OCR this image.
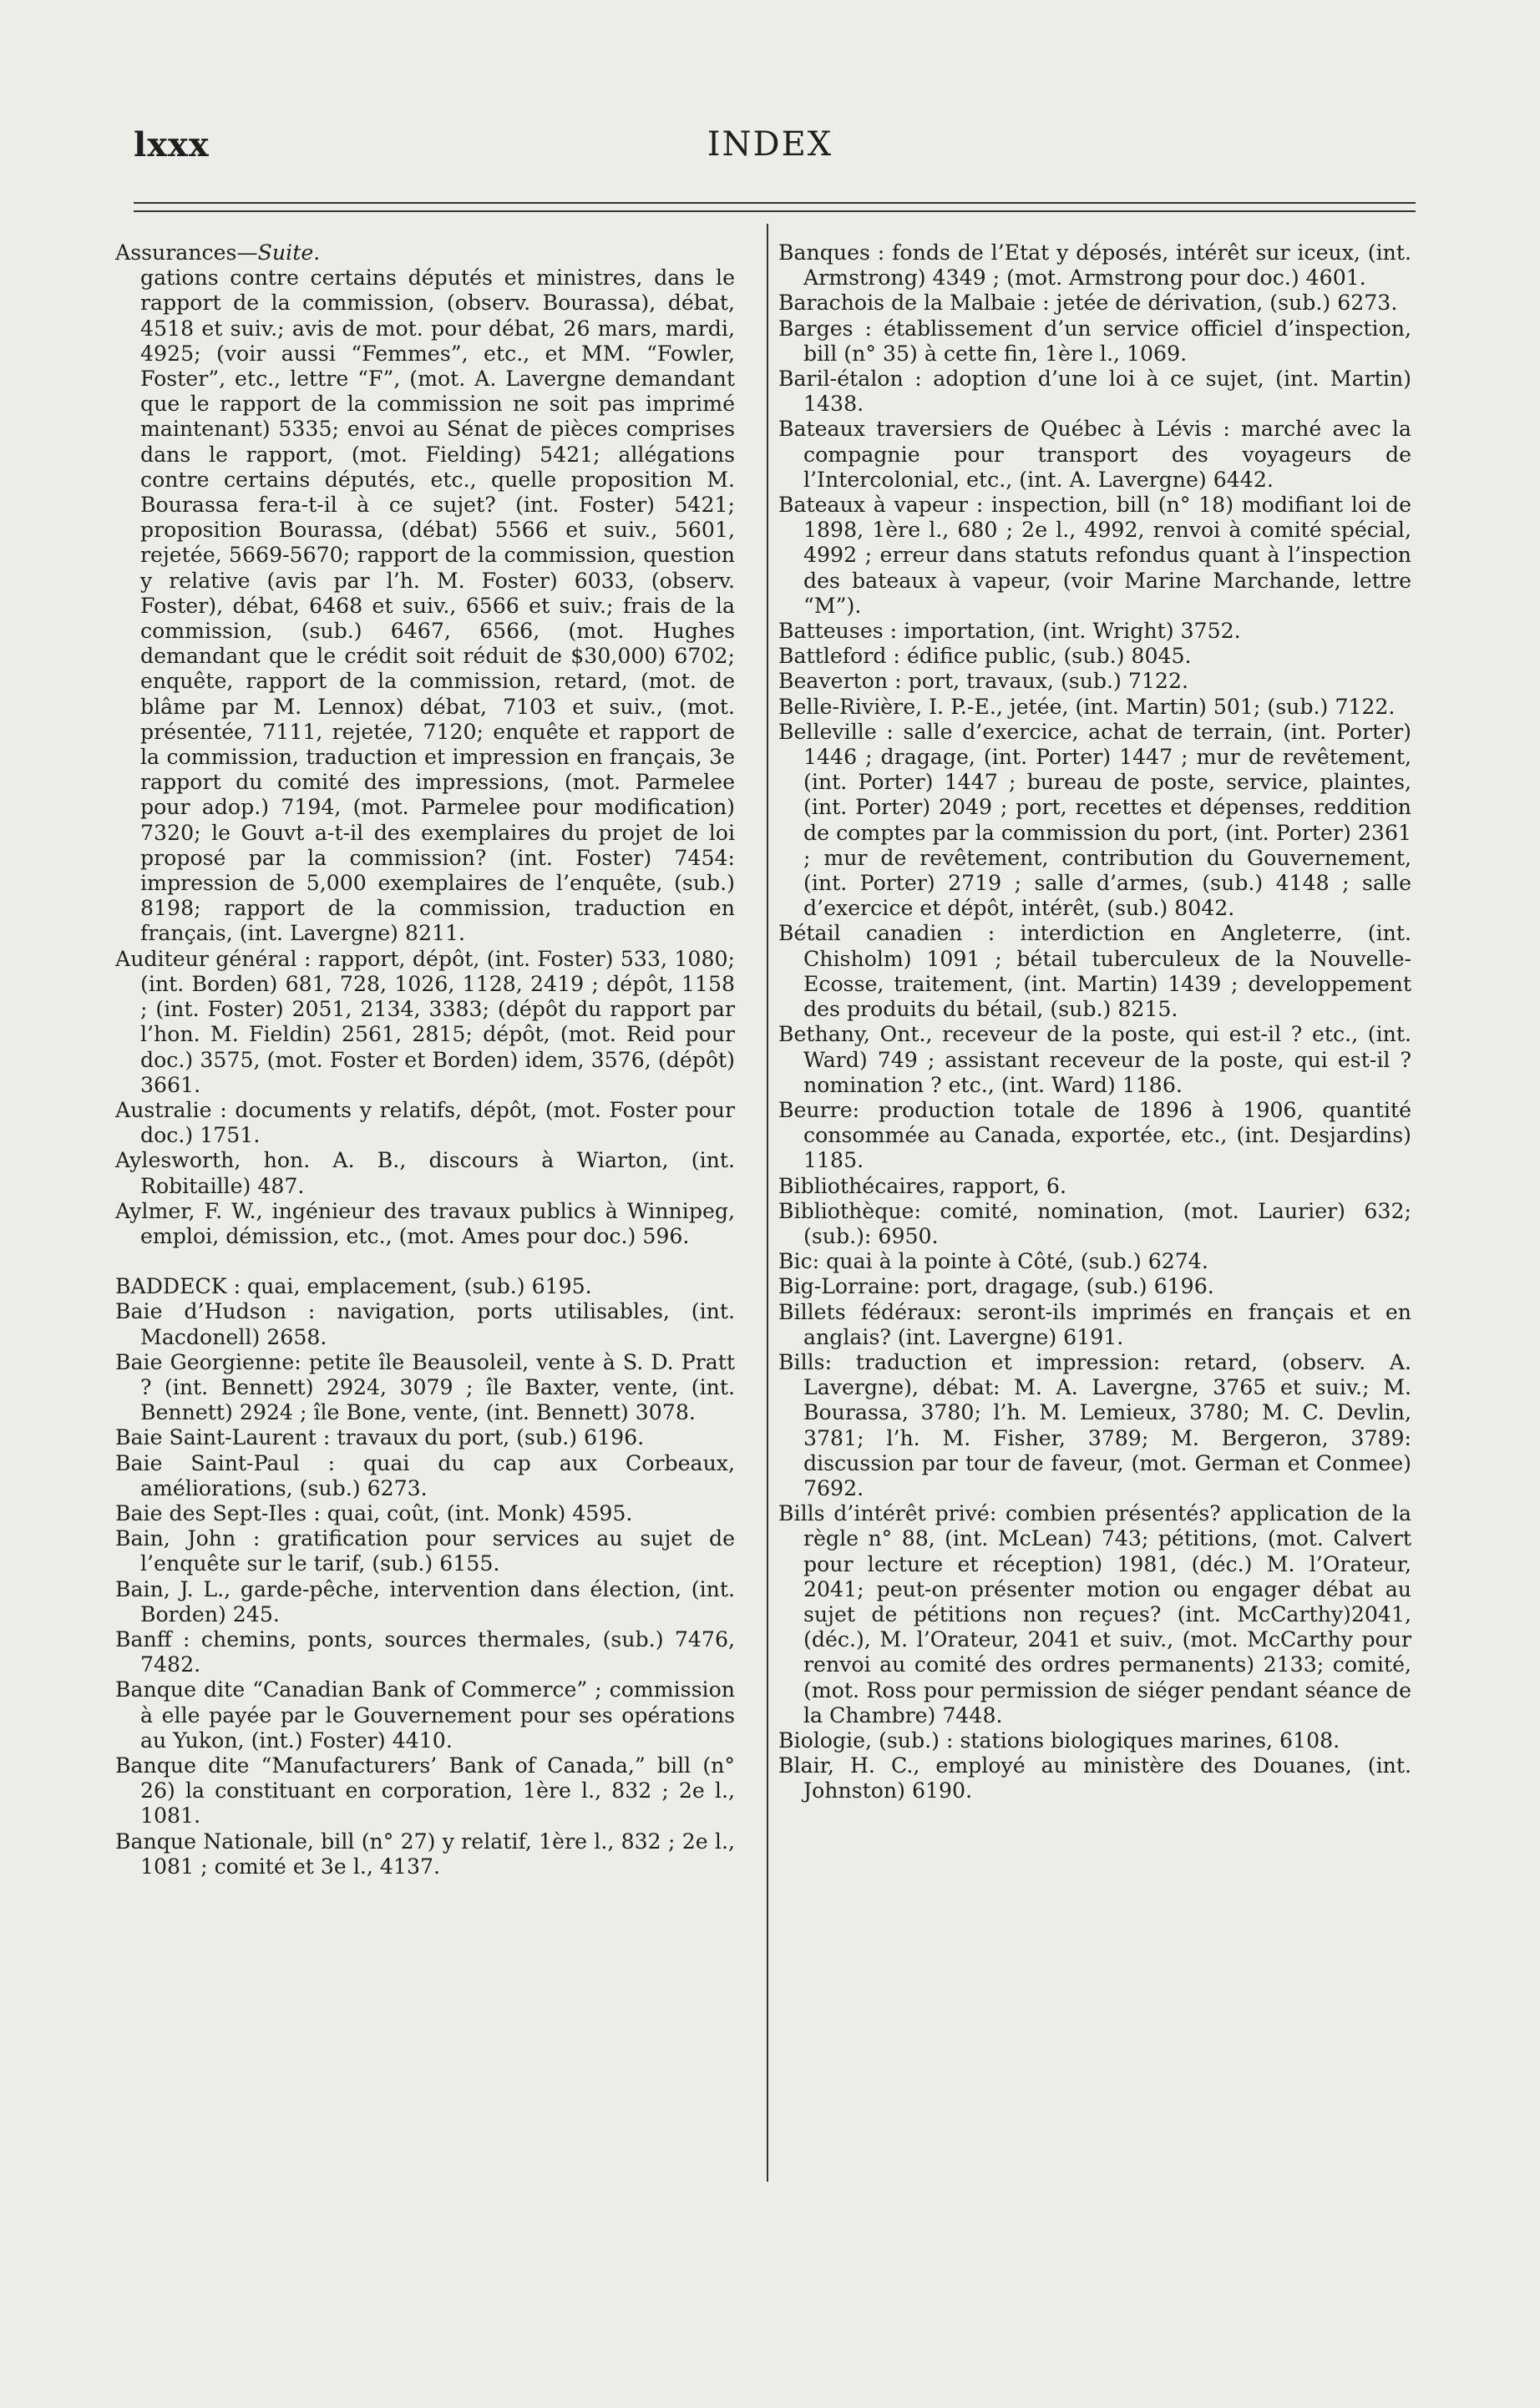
lxxx	INDEX
Assurances—Suite.
gations contre certains députés et ministres, dans le rapport de la commission, (observ. Bourassa), débat, 4518 et suiv.; avis de mot. pour débat, 26 mars, mardi, 4925; (voir aussi “Femmes”, etc., et MM. “Fowler, Foster”, etc., lettre “F”, (mot. A. Lavergne demandant que le rapport de la commission ne soit pas imprimé maintenant) 5335; envoi au Sénat de pièces comprises dans le rapport, (mot. Fielding) 5421; allégations contre certains députés, etc., quelle proposition M. Bourassa fera-t-il à ce sujet? (int. Foster) 5421; proposition Bourassa, (débat) 5566 et suiv., 5601, rejetée, 5669-5670; rapport de la commission, question y relative (avis par l’h. M. Foster) 6033, (observ. Foster), débat, 6468 et suiv., 6566 et suiv.; frais de la commission, (sub.) 6467, 6566, (mot. Hughes demandant que le crédit soit réduit de $30,000) 6702; enquête, rapport de la commission, retard, (mot. de blâme par M. Lennox) débat, 7103 et suiv., (mot. présentée, 7111, rejetée, 7120; enquête et rapport de la commission, traduction et impression en français, 3e rapport du comité des impressions, (mot. Parmelee pour adop.) 7194, (mot. Parmelee pour modification) 7320; le Gouvt a-t-il des exemplaires du projet de loi proposé par la commission? (int. Foster) 7454: impression de 5,000 exemplaires de l’enquête, (sub.) 8198; rapport de la commission, traduction en français, (int. Lavergne) 8211.
Auditeur général : rapport, dépôt, (int. Foster) 533, 1080; (int. Borden) 681, 728, 1026, 1128, 2419 ; dépôt, 1158 ; (int. Foster) 2051, 2134, 3383; (dépôt du rapport par l’hon. M. Fieldin) 2561, 2815; dépôt, (mot. Reid pour doc.) 3575, (mot. Foster et Borden) idem, 3576, (dépôt) 3661.
Australie : documents y relatifs, dépôt, (mot. Foster pour doc.) 1751.
Aylesworth, hon. A. B., discours à Wiarton, (int. Robitaille) 487.
Aylmer, F. W., ingénieur des travaux publics à Winnipeg, emploi, démission, etc., (mot. Ames pour doc.) 596.
BADDECK : quai, emplacement, (sub.) 6195.
Baie d’Hudson : navigation, ports utilisables, (int. Macdonell) 2658.
Baie Georgienne: petite île Beausoleil, vente à S. D. Pratt ? (int. Bennett) 2924, 3079 ; île Baxter, vente, (int. Bennett) 2924 ; île Bone, vente, (int. Bennett) 3078.
Baie Saint-Laurent : travaux du port, (sub.) 6196.
Baie Saint-Paul : quai du cap aux Corbeaux, améliorations, (sub.) 6273.
Baie des Sept-Iles : quai, coût, (int. Monk) 4595.
Bain, John : gratification pour services au sujet de l’enquête sur le tarif, (sub.) 6155.
Bain, J. L., garde-pêche, intervention dans élection, (int. Borden) 245.
Banff : chemins, ponts, sources thermales, (sub.) 7476, 7482.
Banque dite “Canadian Bank of Commerce” ; commission à elle payée par le Gouvernement pour ses opérations au Yukon, (int.) Foster) 4410.
Banque dite “Manufacturers’ Bank of Canada,” bill (n° 26) la constituant en corporation, 1ère l., 832 ; 2e l., 1081.
Banque Nationale, bill (n° 27) y relatif, 1ère l., 832 ; 2e l., 1081 ; comité et 3e l., 4137.
Banques : fonds de l’Etat y déposés, intérêt sur iceux, (int. Armstrong) 4349 ; (mot. Armstrong pour doc.) 4601.
Barachois de la Malbaie : jetée de dérivation, (sub.) 6273.
Barges : établissement d’un service officiel d’inspection, bill (n° 35) à cette fin, 1ère l., 1069.
Baril-étalon : adoption d’une loi à ce sujet, (int. Martin) 1438.
Bateaux traversiers de Québec à Lévis : marché avec la compagnie pour transport des voyageurs de l’Intercolonial, etc., (int. A. Lavergne) 6442.
Bateaux à vapeur : inspection, bill (n° 18) modifiant loi de 1898, 1ère l., 680 ; 2e l., 4992, renvoi à comité spécial, 4992 ; erreur dans statuts refondus quant à l’inspection des bateaux à vapeur, (voir Marine Marchande, lettre “M”).
Batteuses : importation, (int. Wright) 3752.
Battleford : édifice public, (sub.) 8045.
Beaverton : port, travaux, (sub.) 7122.
Belle-Rivière, I. P.-E., jetée, (int. Martin) 501; (sub.) 7122.
Belleville : salle d’exercice, achat de terrain, (int. Porter) 1446 ; dragage, (int. Porter) 1447 ; mur de revêtement, (int. Porter) 1447 ; bureau de poste, service, plaintes, (int. Porter) 2049 ; port, recettes et dépenses, reddition de comptes par la commission du port, (int. Porter) 2361 ; mur de revêtement, contribution du Gouvernement, (int. Porter) 2719 ; salle d’armes, (sub.) 4148 ; salle d’exercice et dépôt, intérêt, (sub.) 8042.
Bétail canadien : interdiction en Angleterre, (int. Chisholm) 1091 ; bétail tuberculeux de la Nouvelle-Ecosse, traitement, (int. Martin) 1439 ; developpement des produits du bétail, (sub.) 8215.
Bethany, Ont., receveur de la poste, qui est-il ? etc., (int. Ward) 749 ; assistant receveur de la poste, qui est-il ? nomination ? etc., (int. Ward) 1186.
Beurre: production totale de 1896 à 1906, quantité consommée au Canada, exportée, etc., (int. Desjardins) 1185.
Bibliothécaires, rapport, 6.
Bibliothèque: comité, nomination, (mot. Laurier) 632; (sub.): 6950.
Bic: quai à la pointe à Côté, (sub.) 6274.
Big-Lorraine: port, dragage, (sub.) 6196.
Billets fédéraux: seront-ils imprimés en français et en anglais? (int. Lavergne) 6191.
Bills: traduction et impression: retard, (observ. A. Lavergne), débat: M. A. Lavergne, 3765 et suiv.; M. Bourassa, 3780; l’h. M. Lemieux, 3780; M. C. Devlin, 3781; l’h. M. Fisher, 3789; M. Bergeron, 3789: discussion par tour de faveur, (mot. German et Conmee) 7692.
Bills d’intérêt privé: combien présentés? application de la règle n° 88, (int. McLean) 743; pétitions, (mot. Calvert pour lecture et réception) 1981, (déc.) M. l’Orateur, 2041; peut-on présenter motion ou engager débat au sujet de pétitions non reçues? (int. McCarthy)2041, (déc.), M. l’Orateur, 2041 et suiv., (mot. McCarthy pour renvoi au comité des ordres permanents) 2133; comité, (mot. Ross pour permission de siéger pendant séance de la Chambre) 7448.
Biologie, (sub.) : stations biologiques marines, 6108.
Blair, H. C., employé au ministère des Douanes, (int. Johnston) 6190.
